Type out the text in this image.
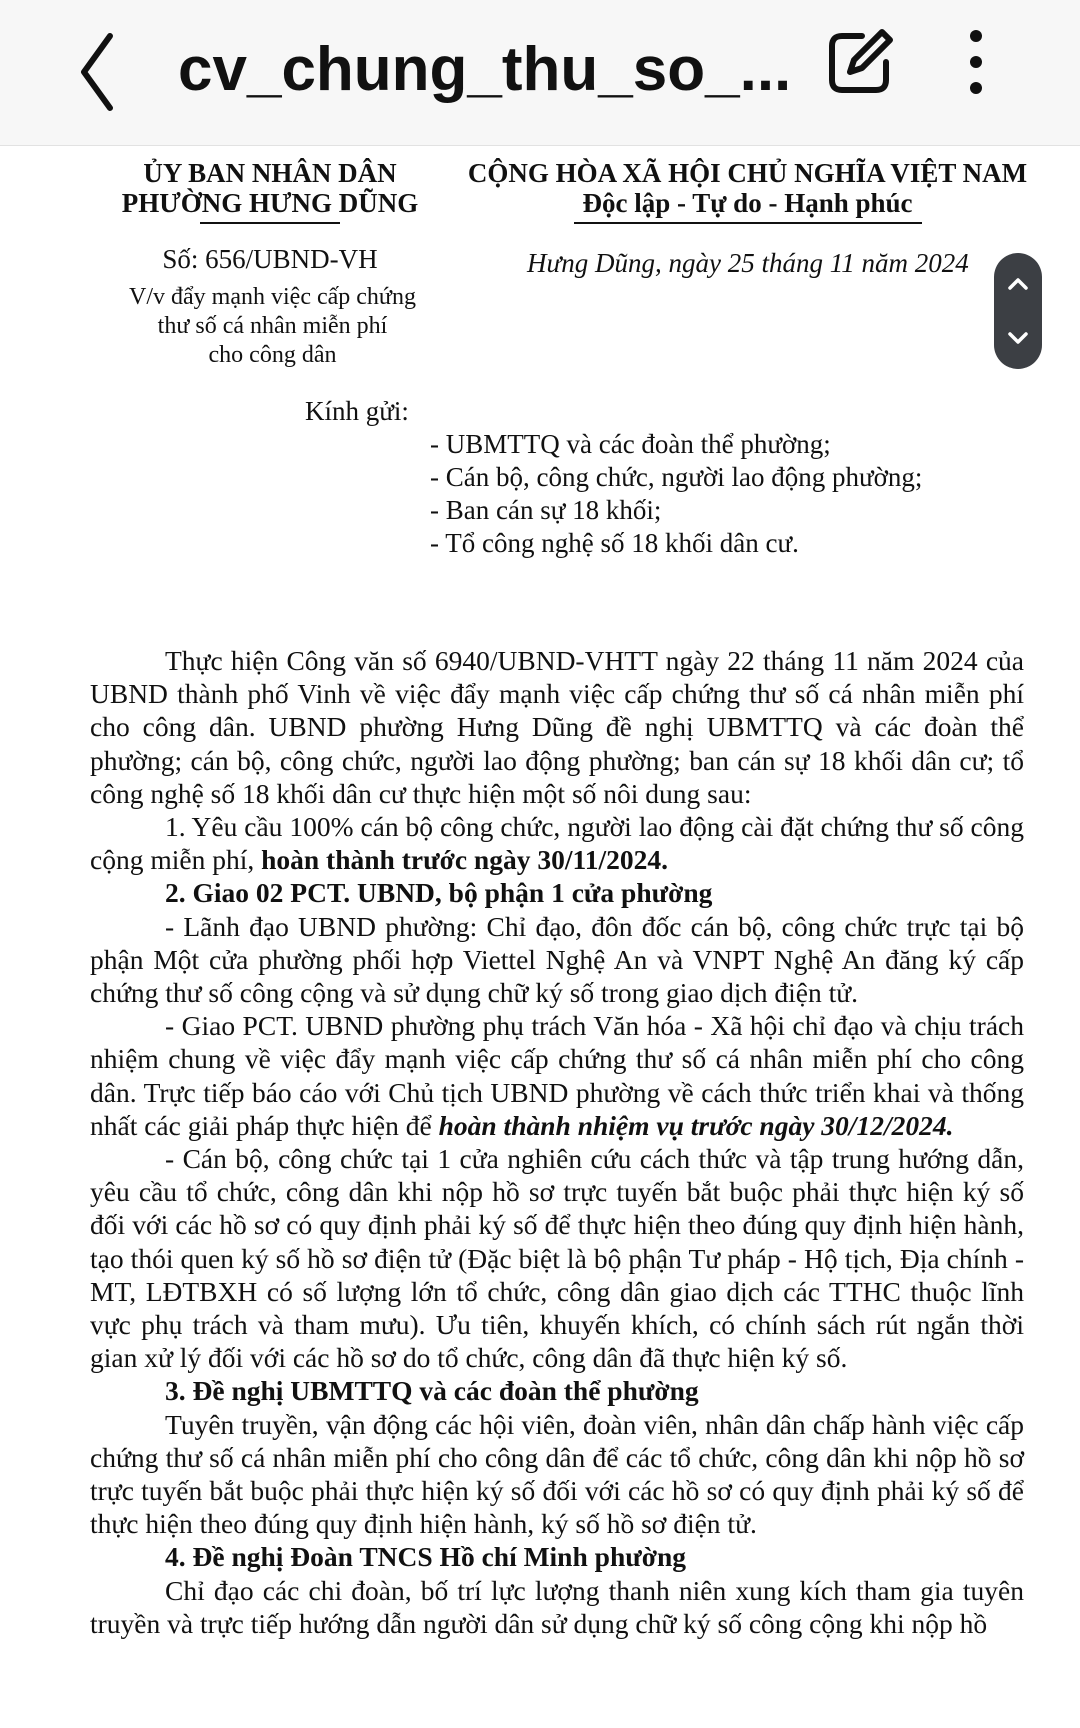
cv_chung_thu_so_...
ỦY BAN NHÂN DÂN
PHƯỜNG HƯNG DŨNG
CỘNG HÒA XÃ HỘI CHỦ NGHĨA VIỆT NAM
Độc lập - Tự do - Hạnh phúc
Số: 656/UBND-VH	Hưng Dũng, ngày 25 tháng 11 năm 2024
V/v đẩy mạnh việc cấp chứng
thư số cá nhân miễn phí
cho công dân
Kính gửi:
- UBMTTQ và các đoàn thể phường;
- Cán bộ, công chức, người lao động phường;
- Ban cán sự 18 khối;
- Tổ công nghệ số 18 khối dân cư.

Thực hiện Công văn số 6940/UBND-VHTT ngày 22 tháng 11 năm 2024 của UBND thành phố Vinh về việc đẩy mạnh việc cấp chứng thư số cá nhân miễn phí cho công dân. UBND phường Hưng Dũng đề nghị UBMTTQ và các đoàn thể phường; cán bộ, công chức, người lao động phường; ban cán sự 18 khối dân cư; tổ công nghệ số 18 khối dân cư thực hiện một số nôi dung sau:

1. Yêu cầu 100% cán bộ công chức, người lao động cài đặt chứng thư số công cộng miễn phí, hoàn thành trước ngày 30/11/2024.

2. Giao 02 PCT. UBND, bộ phận 1 cửa phường

- Lãnh đạo UBND phường: Chỉ đạo, đôn đốc cán bộ, công chức trực tại bộ phận Một cửa phường phối hợp Viettel Nghệ An và VNPT Nghệ An đăng ký cấp chứng thư số công cộng và sử dụng chữ ký số trong giao dịch điện tử.

- Giao PCT. UBND phường phụ trách Văn hóa - Xã hội chỉ đạo và chịu trách nhiệm chung về việc đẩy mạnh việc cấp chứng thư số cá nhân miễn phí cho công dân. Trực tiếp báo cáo với Chủ tịch UBND phường về cách thức triển khai và thống nhất các giải pháp thực hiện để hoàn thành nhiệm vụ trước ngày 30/12/2024.

- Cán bộ, công chức tại 1 cửa nghiên cứu cách thức và tập trung hướng dẫn, yêu cầu tổ chức, công dân khi nộp hồ sơ trực tuyến bắt buộc phải thực hiện ký số đối với các hồ sơ có quy định phải ký số để thực hiện theo đúng quy định hiện hành, tạo thói quen ký số hồ sơ điện tử (Đặc biệt là bộ phận Tư pháp - Hộ tịch, Địa chính - MT, LĐTBXH có số lượng lớn tổ chức, công dân giao dịch các TTHC thuộc lĩnh vực phụ trách và tham mưu). Ưu tiên, khuyến khích, có chính sách rút ngắn thời gian xử lý đối với các hồ sơ do tổ chức, công dân đã thực hiện ký số.

3. Đề nghị UBMTTQ và các đoàn thể phường

Tuyên truyền, vận động các hội viên, đoàn viên, nhân dân chấp hành việc cấp chứng thư số cá nhân miễn phí cho công dân để các tổ chức, công dân khi nộp hồ sơ trực tuyến bắt buộc phải thực hiện ký số đối với các hồ sơ có quy định phải ký số để thực hiện theo đúng quy định hiện hành, ký số hồ sơ điện tử.

4. Đề nghị Đoàn TNCS Hồ chí Minh phường

Chỉ đạo các chi đoàn, bố trí lực lượng thanh niên xung kích tham gia tuyên truyền và trực tiếp hướng dẫn người dân sử dụng chữ ký số công cộng khi nộp hồ
